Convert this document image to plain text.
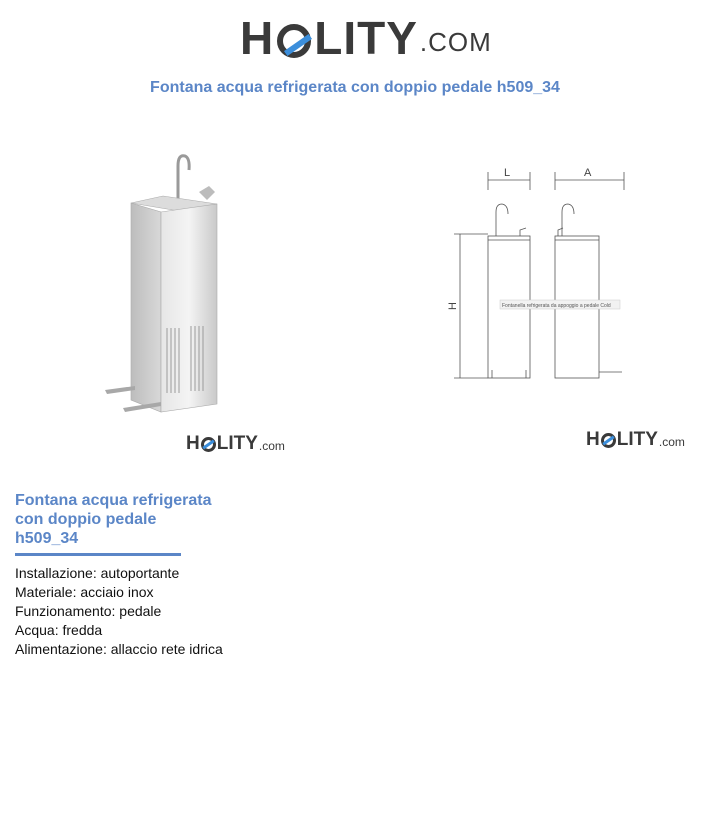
H LITY .COM
Fontana acqua refrigerata con doppio pedale h509_34
L	A
H	Fontanella refrigerata da appoggio a pedale Cold
H LITY .com	H LITY .com
Fontana acqua refrigerata
con doppio pedale
h509_34
Installazione: autoportante
Materiale: acciaio inox
Funzionamento: pedale
Acqua: fredda
Alimentazione: allaccio rete idrica
